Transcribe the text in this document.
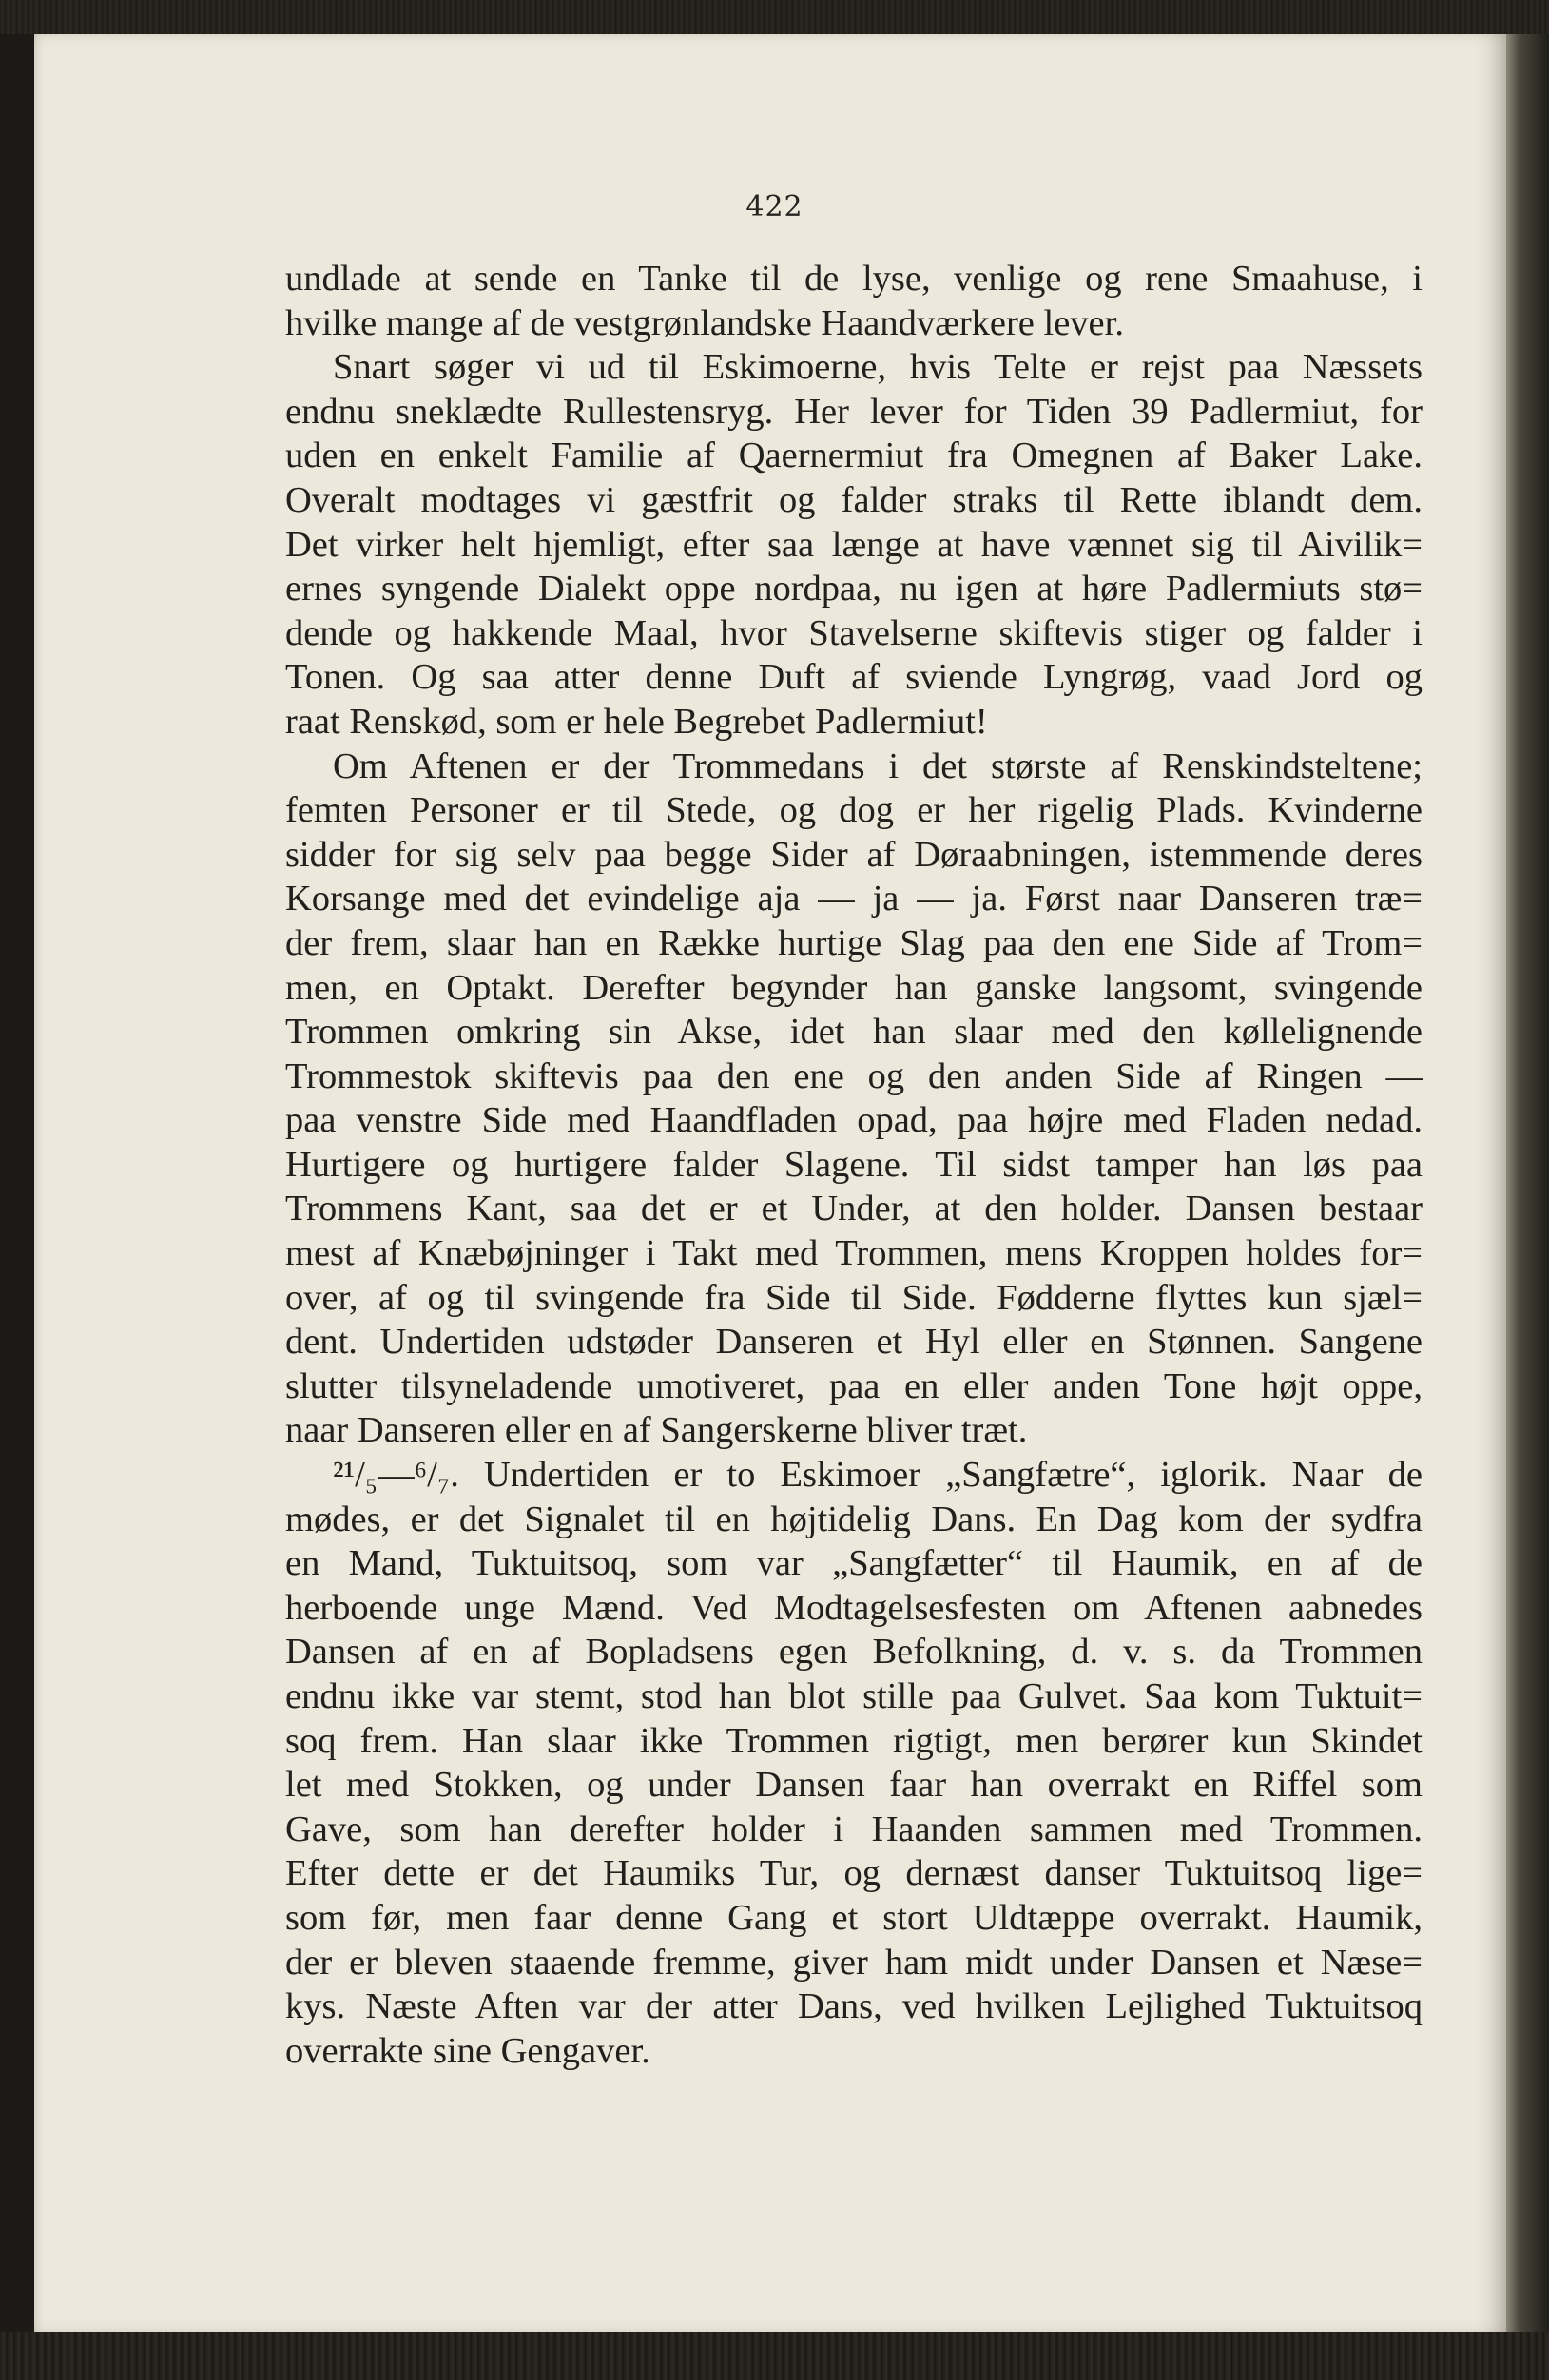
422
undlade at sende en Tanke til de lyse, venlige og rene Smaahuse, i
hvilke mange af de vestgrønlandske Haandværkere lever.
Snart søger vi ud til Eskimoerne, hvis Telte er rejst paa Næssets
endnu sneklædte Rullestensryg. Her lever for Tiden 39 Padlermiut, for
uden en enkelt Familie af Qaernermiut fra Omegnen af Baker Lake.
Overalt modtages vi gæstfrit og falder straks til Rette iblandt dem.
Det virker helt hjemligt, efter saa længe at have vænnet sig til Aivilik=
ernes syngende Dialekt oppe nordpaa, nu igen at høre Padlermiuts stø=
dende og hakkende Maal, hvor Stavelserne skiftevis stiger og falder i
Tonen. Og saa atter denne Duft af sviende Lyngrøg, vaad Jord og
raat Renskød, som er hele Begrebet Padlermiut!
Om Aftenen er der Trommedans i det største af Renskindsteltene;
femten Personer er til Stede, og dog er her rigelig Plads. Kvinderne
sidder for sig selv paa begge Sider af Døraabningen, istemmende deres
Korsange med det evindelige aja — ja — ja. Først naar Danseren træ=
der frem, slaar han en Række hurtige Slag paa den ene Side af Trom=
men, en Optakt. Derefter begynder han ganske langsomt, svingende
Trommen omkring sin Akse, idet han slaar med den køllelignende
Trommestok skiftevis paa den ene og den anden Side af Ringen —
paa venstre Side med Haandfladen opad, paa højre med Fladen nedad.
Hurtigere og hurtigere falder Slagene. Til sidst tamper han løs paa
Trommens Kant, saa det er et Under, at den holder. Dansen bestaar
mest af Knæbøjninger i Takt med Trommen, mens Kroppen holdes for=
over, af og til svingende fra Side til Side. Fødderne flyttes kun sjæl=
dent. Undertiden udstøder Danseren et Hyl eller en Stønnen. Sangene
slutter tilsyneladende umotiveret, paa en eller anden Tone højt oppe,
naar Danseren eller en af Sangerskerne bliver træt.
²¹/₅—⁶/₇. Undertiden er to Eskimoer „Sangfætre“, iglorik. Naar de
mødes, er det Signalet til en højtidelig Dans. En Dag kom der sydfra
en Mand, Tuktuitsoq, som var „Sangfætter“ til Haumik, en af de
herboende unge Mænd. Ved Modtagelsesfesten om Aftenen aabnedes
Dansen af en af Bopladsens egen Befolkning, d. v. s. da Trommen
endnu ikke var stemt, stod han blot stille paa Gulvet. Saa kom Tuktuit=
soq frem. Han slaar ikke Trommen rigtigt, men berører kun Skindet
let med Stokken, og under Dansen faar han overrakt en Riffel som
Gave, som han derefter holder i Haanden sammen med Trommen.
Efter dette er det Haumiks Tur, og dernæst danser Tuktuitsoq lige=
som før, men faar denne Gang et stort Uldtæppe overrakt. Haumik,
der er bleven staaende fremme, giver ham midt under Dansen et Næse=
kys. Næste Aften var der atter Dans, ved hvilken Lejlighed Tuktuitsoq
overrakte sine Gengaver.
